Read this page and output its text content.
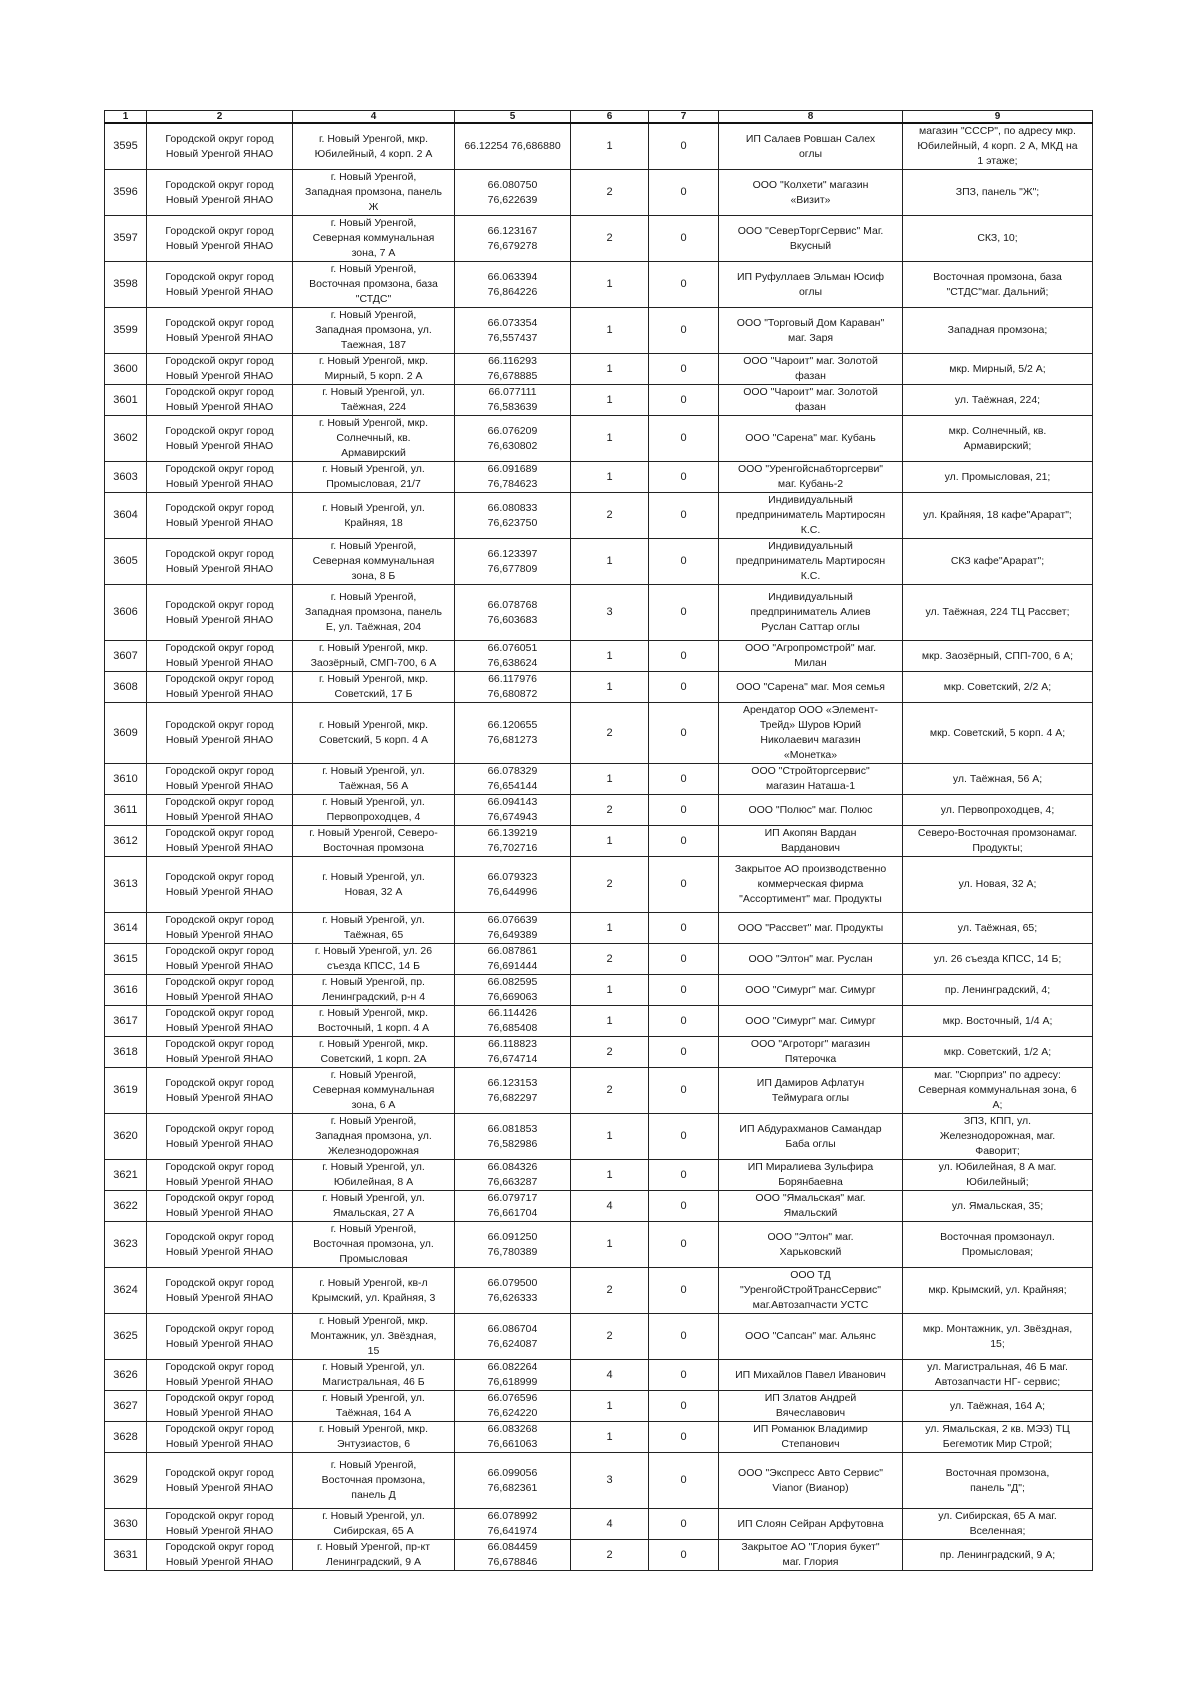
1	2	4	5	6	7	8	9
3595	Городской округ город
Новый Уренгой ЯНАО	г. Новый Уренгой, мкр.
Юбилейный, 4 корп. 2 А	66.12254 76,686880	1	0	ИП Салаев Ровшан Салех
оглы	магазин "СССР", по адресу мкр.
Юбилейный, 4 корп. 2 А, МКД на
1 этаже;
3596	Городской округ город
Новый Уренгой ЯНАО	г. Новый Уренгой,
Западная промзона, панель
Ж	66.080750
76,622639	2	0	ООО "Колхети" магазин
«Визит»	ЗПЗ, панель "Ж";
3597	Городской округ город
Новый Уренгой ЯНАО	г. Новый Уренгой,
Северная коммунальная
зона, 7 А	66.123167
76,679278	2	0	ООО "СеверТоргСервис" Маг.
Вкусный	СКЗ, 10;
3598	Городской округ город
Новый Уренгой ЯНАО	г. Новый Уренгой,
Восточная промзона, база
"СТДС"	66.063394
76,864226	1	0	ИП Руфуллаев Эльман Юсиф
оглы	Восточная промзона, база
"СТДС"маг. Дальний;
3599	Городской округ город
Новый Уренгой ЯНАО	г. Новый Уренгой,
Западная промзона, ул.
Таежная, 187	66.073354
76,557437	1	0	ООО "Торговый Дом Караван"
маг. Заря	Западная промзона;
3600	Городской округ город
Новый Уренгой ЯНАО	г. Новый Уренгой, мкр.
Мирный, 5 корп. 2 А	66.116293
76,678885	1	0	ООО "Чароит" маг. Золотой
фазан	мкр. Мирный, 5/2 А;
3601	Городской округ город
Новый Уренгой ЯНАО	г. Новый Уренгой, ул.
Таёжная, 224	66.077111
76,583639	1	0	ООО "Чароит" маг. Золотой
фазан	ул. Таёжная, 224;
3602	Городской округ город
Новый Уренгой ЯНАО	г. Новый Уренгой, мкр.
Солнечный, кв.
Армавирский	66.076209
76,630802	1	0	ООО "Сарена" маг. Кубань	мкр. Солнечный, кв.
Армавирский;
3603	Городской округ город
Новый Уренгой ЯНАО	г. Новый Уренгой, ул.
Промысловая, 21/7	66.091689
76,784623	1	0	ООО "Уренгойснабторгсерви"
маг. Кубань-2	ул. Промысловая, 21;
3604	Городской округ город
Новый Уренгой ЯНАО	г. Новый Уренгой, ул.
Крайняя, 18	66.080833
76,623750	2	0	Индивидуальный
предприниматель Мартиросян
К.С.	ул. Крайняя, 18 кафе"Арарат";
3605	Городской округ город
Новый Уренгой ЯНАО	г. Новый Уренгой,
Северная коммунальная
зона, 8 Б	66.123397
76,677809	1	0	Индивидуальный
предприниматель Мартиросян
К.С.	СКЗ кафе"Арарат";
3606	Городской округ город
Новый Уренгой ЯНАО	г. Новый Уренгой,
Западная промзона, панель
Е, ул. Таёжная, 204	66.078768
76,603683	3	0	Индивидуальный
предприниматель Алиев
Руслан Саттар оглы	ул. Таёжная, 224 ТЦ Рассвет;
3607	Городской округ город
Новый Уренгой ЯНАО	г. Новый Уренгой, мкр.
Заозёрный, СМП-700, 6 А	66.076051
76,638624	1	0	ООО "Агропромстрой" маг.
Милан	мкр. Заозёрный, СПП-700, 6 А;
3608	Городской округ город
Новый Уренгой ЯНАО	г. Новый Уренгой, мкр.
Советский, 17 Б	66.117976
76,680872	1	0	ООО "Сарена" маг. Моя семья	мкр. Советский, 2/2 А;
3609	Городской округ город
Новый Уренгой ЯНАО	г. Новый Уренгой, мкр.
Советский, 5 корп. 4 А	66.120655
76,681273	2	0	Арендатор ООО «Элемент-
Трейд» Шуров Юрий
Николаевич магазин
«Монетка»	мкр. Советский, 5 корп. 4 А;
3610	Городской округ город
Новый Уренгой ЯНАО	г. Новый Уренгой, ул.
Таёжная, 56 А	66.078329
76,654144	1	0	ООО "Стройторгсервис"
магазин Наташа-1	ул. Таёжная, 56 А;
3611	Городской округ город
Новый Уренгой ЯНАО	г. Новый Уренгой, ул.
Первопроходцев, 4	66.094143
76,674943	2	0	ООО "Полюс" маг. Полюс	ул. Первопроходцев, 4;
3612	Городской округ город
Новый Уренгой ЯНАО	г. Новый Уренгой, Северо-
Восточная промзона	66.139219
76,702716	1	0	ИП Акопян Вардан
Варданович	Северо-Восточная промзонамаг.
Продукты;
3613	Городской округ город
Новый Уренгой ЯНАО	г. Новый Уренгой, ул.
Новая, 32 А	66.079323
76,644996	2	0	Закрытое АО производственно
коммерческая фирма
"Ассортимент" маг. Продукты	ул. Новая, 32 А;
3614	Городской округ город
Новый Уренгой ЯНАО	г. Новый Уренгой, ул.
Таёжная, 65	66.076639
76,649389	1	0	ООО "Рассвет" маг. Продукты	ул. Таёжная, 65;
3615	Городской округ город
Новый Уренгой ЯНАО	г. Новый Уренгой, ул. 26
съезда КПСС, 14 Б	66.087861
76,691444	2	0	ООО "Элтон" маг. Руслан	ул. 26 съезда КПСС, 14 Б;
3616	Городской округ город
Новый Уренгой ЯНАО	г. Новый Уренгой, пр.
Ленинградский, р-н 4	66.082595
76,669063	1	0	ООО "Симург" маг. Симург	пр. Ленинградский, 4;
3617	Городской округ город
Новый Уренгой ЯНАО	г. Новый Уренгой, мкр.
Восточный, 1 корп. 4 А	66.114426
76,685408	1	0	ООО "Симург" маг. Симург	мкр. Восточный, 1/4 А;
3618	Городской округ город
Новый Уренгой ЯНАО	г. Новый Уренгой, мкр.
Советский, 1 корп. 2А	66.118823
76,674714	2	0	ООО "Агроторг" магазин
Пятерочка	мкр. Советский, 1/2 А;
3619	Городской округ город
Новый Уренгой ЯНАО	г. Новый Уренгой,
Северная коммунальная
зона, 6 А	66.123153
76,682297	2	0	ИП Дамиров Афлатун
Теймурага оглы	маг. "Сюрприз" по адресу:
Северная коммунальная зона, 6
А;
3620	Городской округ город
Новый Уренгой ЯНАО	г. Новый Уренгой,
Западная промзона, ул.
Железнодорожная	66.081853
76,582986	1	0	ИП Абдурахманов Самандар
Баба оглы	ЗПЗ, КПП, ул.
Железнодорожная, маг.
Фаворит;
3621	Городской округ город
Новый Уренгой ЯНАО	г. Новый Уренгой, ул.
Юбилейная, 8 А	66.084326
76,663287	1	0	ИП Миралиева Зульфира
Борянбаевна	ул. Юбилейная, 8 А маг.
Юбилейный;
3622	Городской округ город
Новый Уренгой ЯНАО	г. Новый Уренгой, ул.
Ямальская, 27 А	66.079717
76,661704	4	0	ООО "Ямальская" маг.
Ямальский	ул. Ямальская, 35;
3623	Городской округ город
Новый Уренгой ЯНАО	г. Новый Уренгой,
Восточная промзона, ул.
Промысловая	66.091250
76,780389	1	0	ООО "Элтон" маг.
Харьковский	Восточная промзонаул.
Промысловая;
3624	Городской округ город
Новый Уренгой ЯНАО	г. Новый Уренгой, кв-л
Крымский, ул. Крайняя, 3	66.079500
76,626333	2	0	ООО ТД
"УренгойСтройТрансСервис"
маг.Автозапчасти УСТС	мкр. Крымский, ул. Крайняя;
3625	Городской округ город
Новый Уренгой ЯНАО	г. Новый Уренгой, мкр.
Монтажник, ул. Звёздная,
15	66.086704
76,624087	2	0	ООО "Сапсан" маг. Альянс	мкр. Монтажник, ул. Звёздная,
15;
3626	Городской округ город
Новый Уренгой ЯНАО	г. Новый Уренгой, ул.
Магистральная, 46 Б	66.082264
76,618999	4	0	ИП Михайлов Павел Иванович	ул. Магистральная, 46 Б маг.
Автозапчасти НГ- сервис;
3627	Городской округ город
Новый Уренгой ЯНАО	г. Новый Уренгой, ул.
Таёжная, 164 А	66.076596
76,624220	1	0	ИП Златов Андрей
Вячеславович	ул. Таёжная, 164 А;
3628	Городской округ город
Новый Уренгой ЯНАО	г. Новый Уренгой, мкр.
Энтузиастов, 6	66.083268
76,661063	1	0	ИП Романюк Владимир
Степанович	ул. Ямальская, 2 кв. МЭЗ) ТЦ
Бегемотик Мир Строй;
3629	Городской округ город
Новый Уренгой ЯНАО	г. Новый Уренгой,
Восточная промзона,
панель Д	66.099056
76,682361	3	0	ООО "Экспресс Авто Сервис"
Vianor (Вианор)	Восточная промзона,
панель "Д";
3630	Городской округ город
Новый Уренгой ЯНАО	г. Новый Уренгой, ул.
Сибирская, 65 А	66.078992
76,641974	4	0	ИП Слоян Сейран Арфутовна	ул. Сибирская, 65 А маг.
Вселенная;
3631	Городской округ город
Новый Уренгой ЯНАО	г. Новый Уренгой, пр-кт
Ленинградский, 9 А	66.084459
76,678846	2	0	Закрытое АО "Глория букет"
маг. Глория	пр. Ленинградский, 9 А;
